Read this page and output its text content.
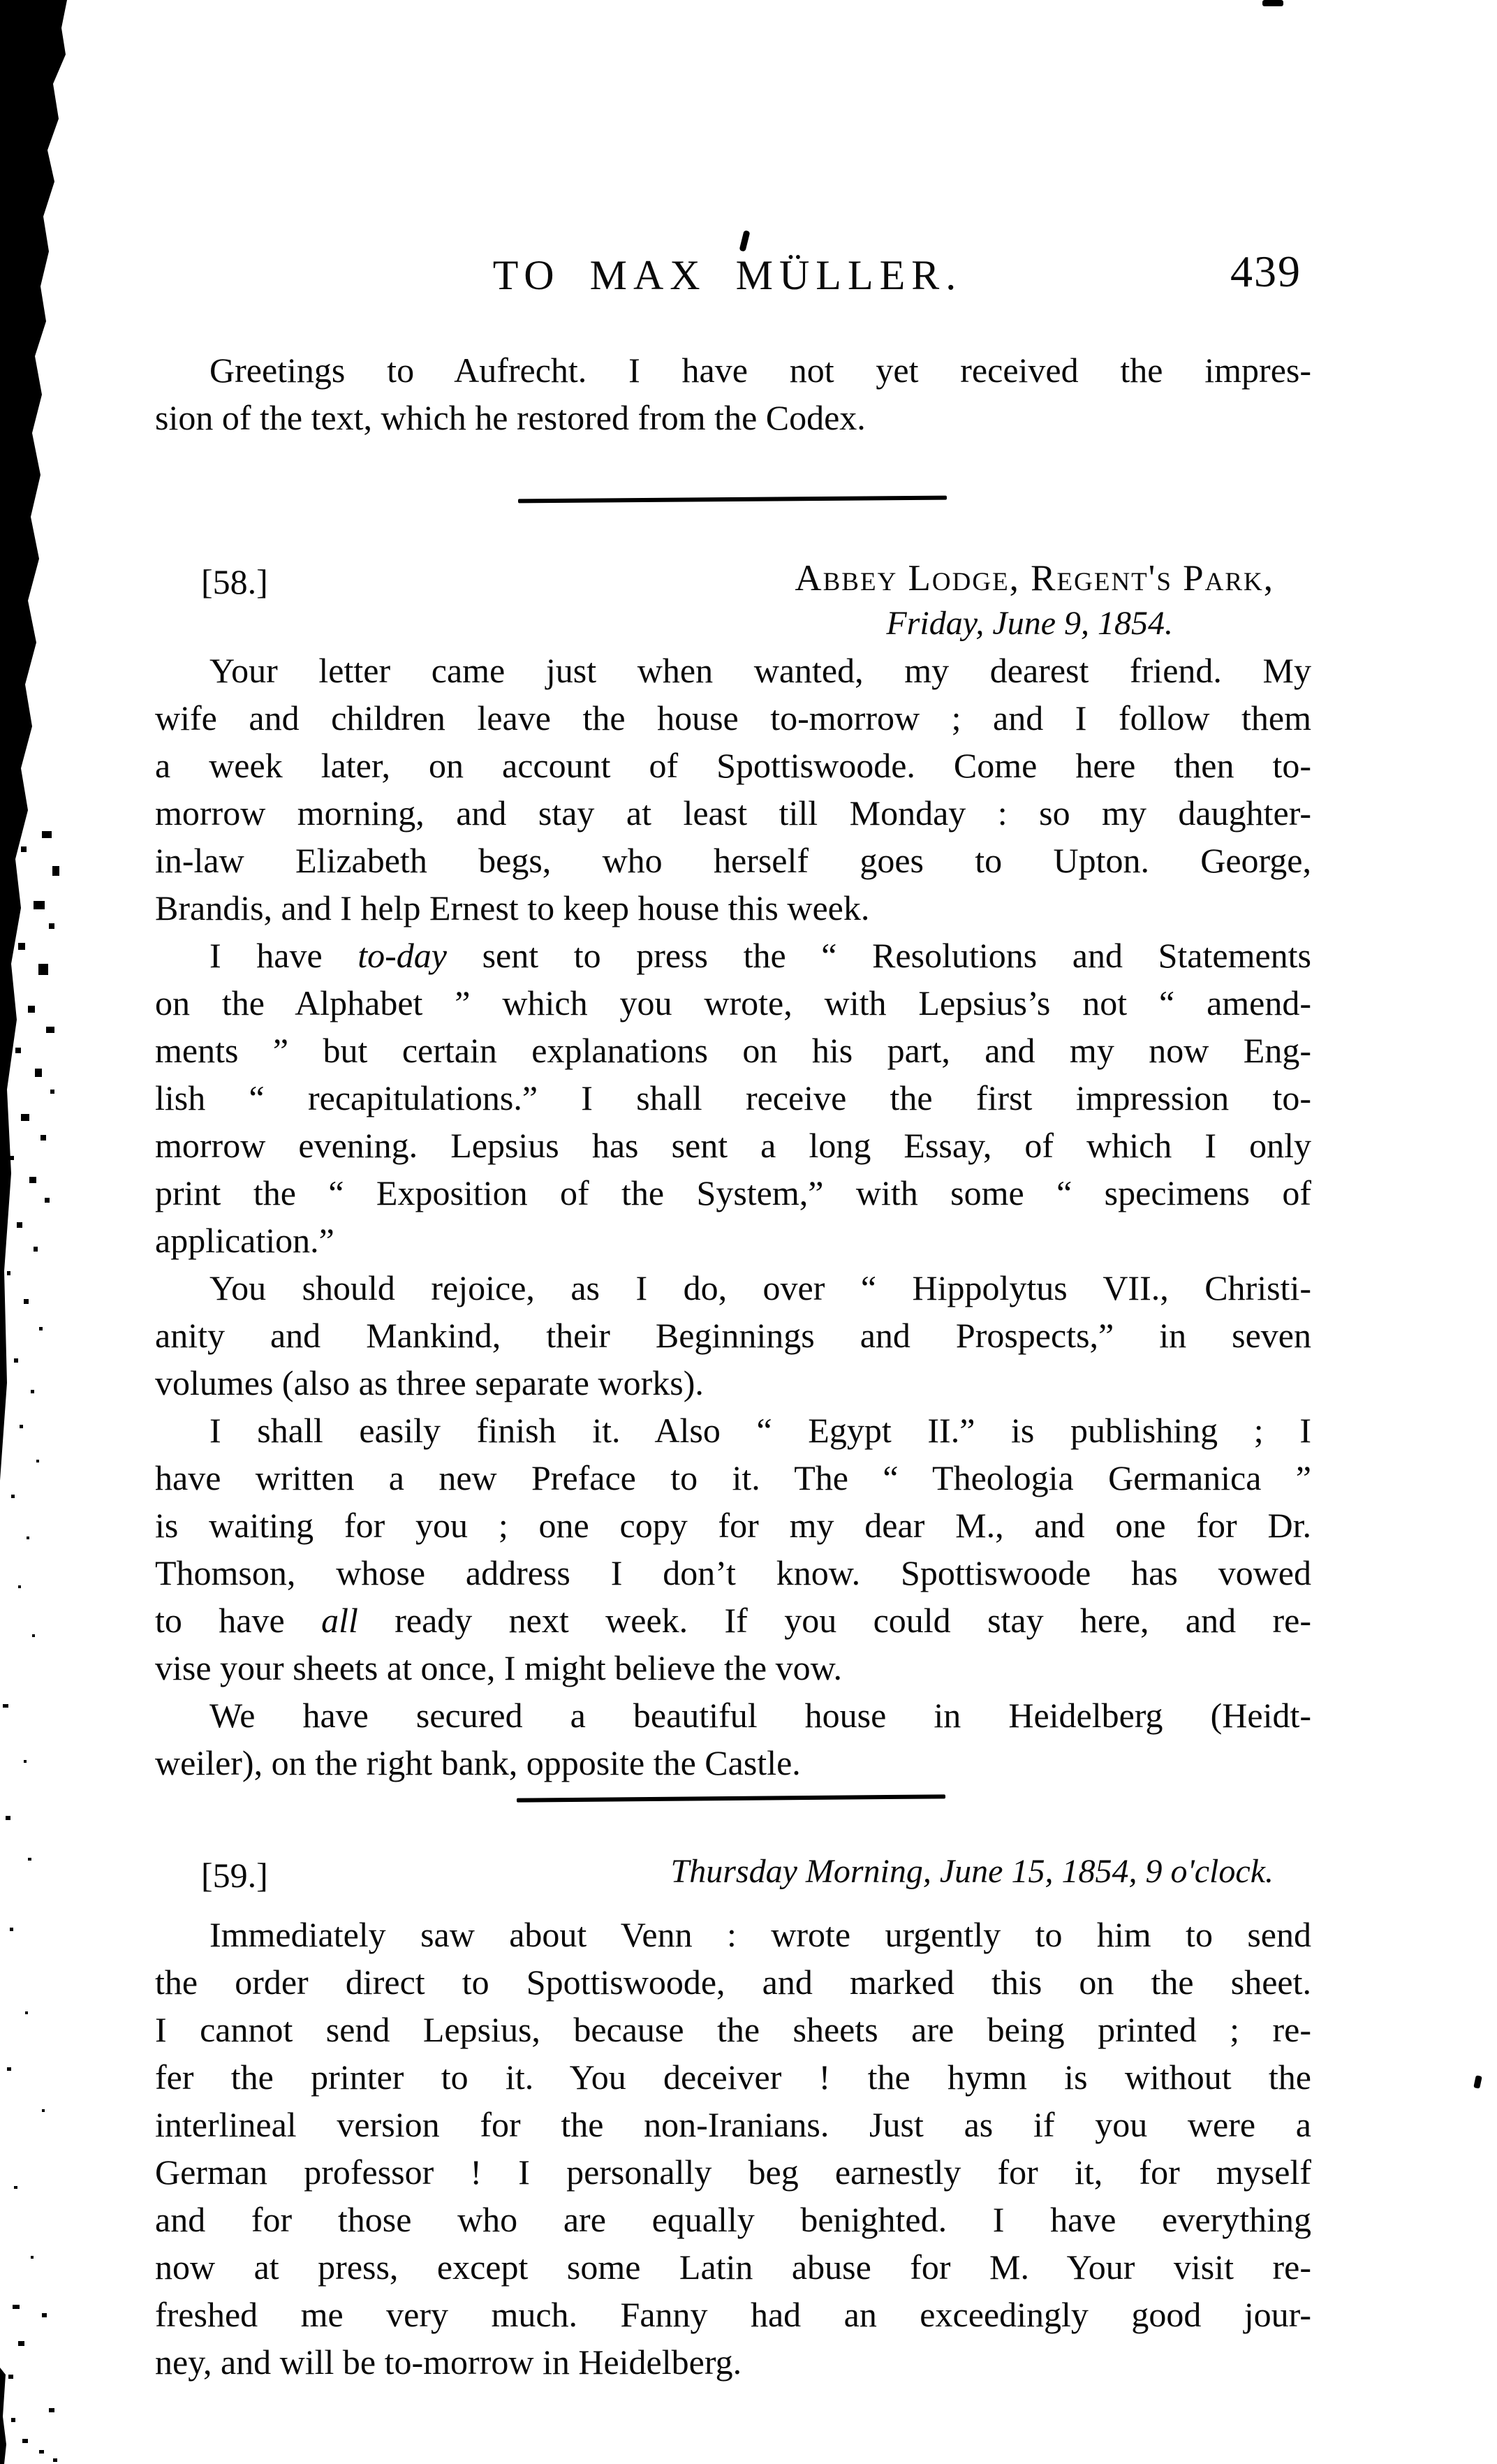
TO MAX MÜLLER.	439
Greetings to Aufrecht. I have not yet received the impres-
sion of the text, which he restored from the Codex.
[58.]	Abbey Lodge, Regent's Park,
Friday, June 9, 1854.
Your letter came just when wanted, my dearest friend. My
wife and children leave the house to-morrow ; and I follow them
a week later, on account of Spottiswoode. Come here then to-
morrow morning, and stay at least till Monday : so my daughter-
in-law Elizabeth begs, who herself goes to Upton. George,
Brandis, and I help Ernest to keep house this week.
I have to-day sent to press the “ Resolutions and Statements
on the Alphabet ” which you wrote, with Lepsius’s not “ amend-
ments ” but certain explanations on his part, and my now Eng-
lish “ recapitulations.” I shall receive the first impression to-
morrow evening. Lepsius has sent a long Essay, of which I only
print the “ Exposition of the System,” with some “ specimens of
application.”
You should rejoice, as I do, over “ Hippolytus VII., Christi-
anity and Mankind, their Beginnings and Prospects,” in seven
volumes (also as three separate works).
I shall easily finish it. Also “ Egypt II.” is publishing ; I
have written a new Preface to it. The “ Theologia Germanica ”
is waiting for you ; one copy for my dear M., and one for Dr.
Thomson, whose address I don’t know. Spottiswoode has vowed
to have all ready next week. If you could stay here, and re-
vise your sheets at once, I might believe the vow.
We have secured a beautiful house in Heidelberg (Heidt-
weiler), on the right bank, opposite the Castle.
[59.]	Thursday Morning, June 15, 1854, 9 o'clock.
Immediately saw about Venn : wrote urgently to him to send
the order direct to Spottiswoode, and marked this on the sheet.
I cannot send Lepsius, because the sheets are being printed ; re-
fer the printer to it. You deceiver ! the hymn is without the
interlineal version for the non-Iranians. Just as if you were a
German professor ! I personally beg earnestly for it, for myself
and for those who are equally benighted. I have everything
now at press, except some Latin abuse for M. Your visit re-
freshed me very much. Fanny had an exceedingly good jour-
ney, and will be to-morrow in Heidelberg.
